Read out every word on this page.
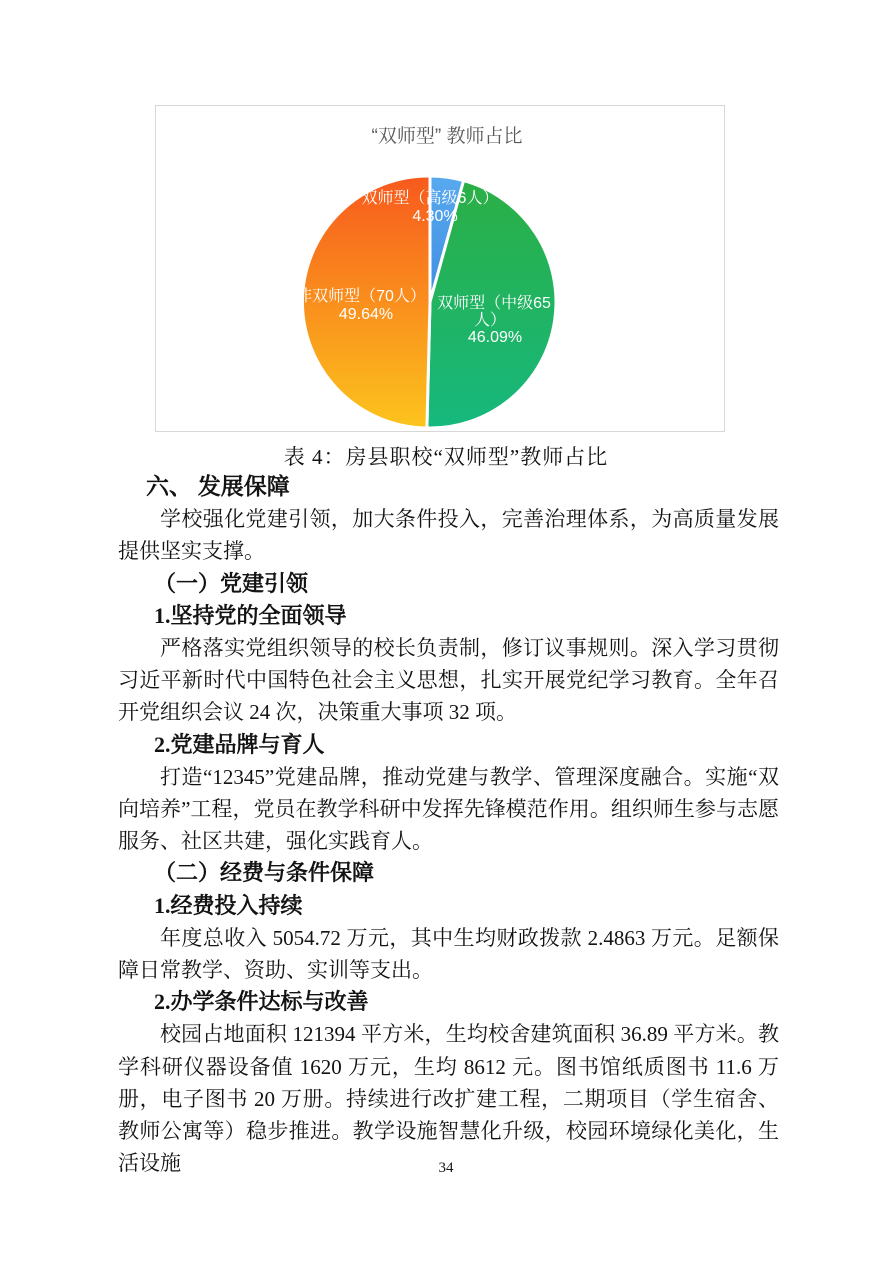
“双师型” 教师占比
双师型（高级6人）
4.30%
非双师型（70人）
49.64%
双师型（中级65
人）
46.09%
表 4：房县职校“双师型”教师占比
六、 发展保障
学校强化党建引领，加大条件投入，完善治理体系，为高质量发展提供坚实支撑。
（一）党建引领
1.坚持党的全面领导
严格落实党组织领导的校长负责制，修订议事规则。深入学习贯彻习近平新时代中国特色社会主义思想，扎实开展党纪学习教育。全年召开党组织会议 24 次，决策重大事项 32 项。
2.党建品牌与育人
打造“12345”党建品牌，推动党建与教学、管理深度融合。实施“双向培养”工程，党员在教学科研中发挥先锋模范作用。组织师生参与志愿服务、社区共建，强化实践育人。
（二）经费与条件保障
1.经费投入持续
年度总收入 5054.72 万元，其中生均财政拨款 2.4863 万元。足额保障日常教学、资助、实训等支出。
2.办学条件达标与改善
校园占地面积 121394 平方米，生均校舍建筑面积 36.89 平方米。教学科研仪器设备值 1620 万元，生均 8612 元。图书馆纸质图书 11.6 万册，电子图书 20 万册。持续进行改扩建工程，二期项目（学生宿舍、教师公寓等）稳步推进。教学设施智慧化升级，校园环境绿化美化，生活设施	34
